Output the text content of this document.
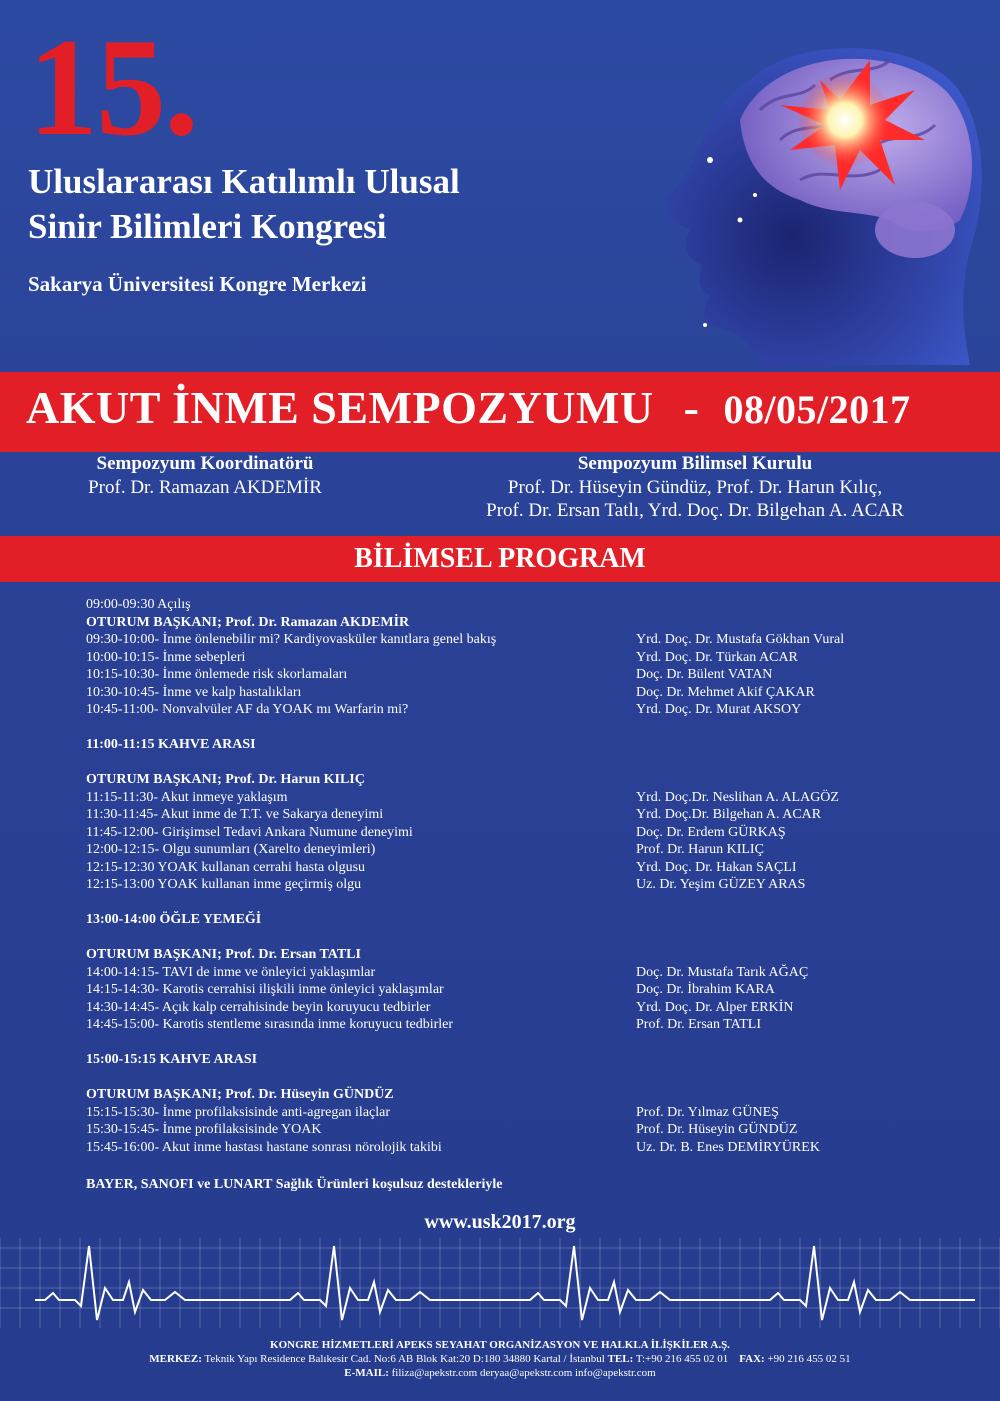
15.
Uluslararası Katılımlı Ulusal
Sinir Bilimleri Kongresi
Sakarya Üniversitesi Kongre Merkezi
AKUT İNME SEMPOZYUMU - 08/05/2017
Sempozyum Koordinatörü
Prof. Dr. Ramazan AKDEMİR
Sempozyum Bilimsel Kurulu
Prof. Dr. Hüseyin Gündüz, Prof. Dr. Harun Kılıç,
Prof. Dr. Ersan Tatlı, Yrd. Doç. Dr. Bilgehan A. ACAR
BİLİMSEL PROGRAM
09:00-09:30 Açılış
OTURUM BAŞKANI; Prof. Dr. Ramazan AKDEMİR
09:30-10:00- İnme önlenebilir mi? Kardiyovasküler kanıtlara genel bakış	Yrd. Doç. Dr. Mustafa Gökhan Vural
10:00-10:15- İnme sebepleri	Yrd. Doç. Dr. Türkan ACAR
10:15-10:30- İnme önlemede risk skorlamaları	Doç. Dr. Bülent VATAN
10:30-10:45- İnme ve kalp hastalıkları	Doç. Dr. Mehmet Akif ÇAKAR
10:45-11:00- Nonvalvüler AF da YOAK mı Warfarin mi?	Yrd. Doç. Dr. Murat AKSOY
11:00-11:15 KAHVE ARASI
OTURUM BAŞKANI; Prof. Dr. Harun KILIÇ
11:15-11:30- Akut inmeye yaklaşım	Yrd. Doç.Dr. Neslihan A. ALAGÖZ
11:30-11:45- Akut inme de T.T. ve Sakarya deneyimi	Yrd. Doç.Dr. Bilgehan A. ACAR
11:45-12:00- Girişimsel Tedavi Ankara Numune deneyimi	Doç. Dr. Erdem GÜRKAŞ
12:00-12:15- Olgu sunumları (Xarelto deneyimleri)	Prof. Dr. Harun KILIÇ
12:15-12:30 YOAK kullanan cerrahi hasta olgusu	Yrd. Doç. Dr. Hakan SAÇLI
12:15-13:00 YOAK kullanan inme geçirmiş olgu	Uz. Dr. Yeşim GÜZEY ARAS
13:00-14:00 ÖĞLE YEMEĞİ
OTURUM BAŞKANI; Prof. Dr. Ersan TATLI
14:00-14:15- TAVI de inme ve önleyici yaklaşımlar	Doç. Dr. Mustafa Tarık AĞAÇ
14:15-14:30- Karotis cerrahisi ilişkili inme önleyici yaklaşımlar	Doç. Dr. İbrahim KARA
14:30-14:45- Açık kalp cerrahisinde beyin koruyucu tedbirler	Yrd. Doç. Dr. Alper ERKİN
14:45-15:00- Karotis stentleme sırasında inme koruyucu tedbirler	Prof. Dr. Ersan TATLI
15:00-15:15 KAHVE ARASI
OTURUM BAŞKANI; Prof. Dr. Hüseyin GÜNDÜZ
15:15-15:30- İnme profilaksisinde anti-agregan ilaçlar	Prof. Dr. Yılmaz GÜNEŞ
15:30-15:45- İnme profilaksisinde YOAK	Prof. Dr. Hüseyin GÜNDÜZ
15:45-16:00- Akut inme hastası hastane sonrası nörolojik takibi	Uz. Dr. B. Enes DEMİRYÜREK
BAYER, SANOFI ve LUNART Sağlık Ürünleri koşulsuz destekleriyle
www.usk2017.org
KONGRE HİZMETLERİ APEKS SEYAHAT ORGANİZASYON VE HALKLA İLİŞKİLER A.Ş.
MERKEZ: Teknik Yapı Residence Balıkesir Cad. No:6 AB Blok Kat:20 D:180 34880 Kartal / İstanbul TEL: T:+90 216 455 02 01 FAX: +90 216 455 02 51
E-MAIL: filiza@apekstr.com deryaa@apekstr.com info@apekstr.com
